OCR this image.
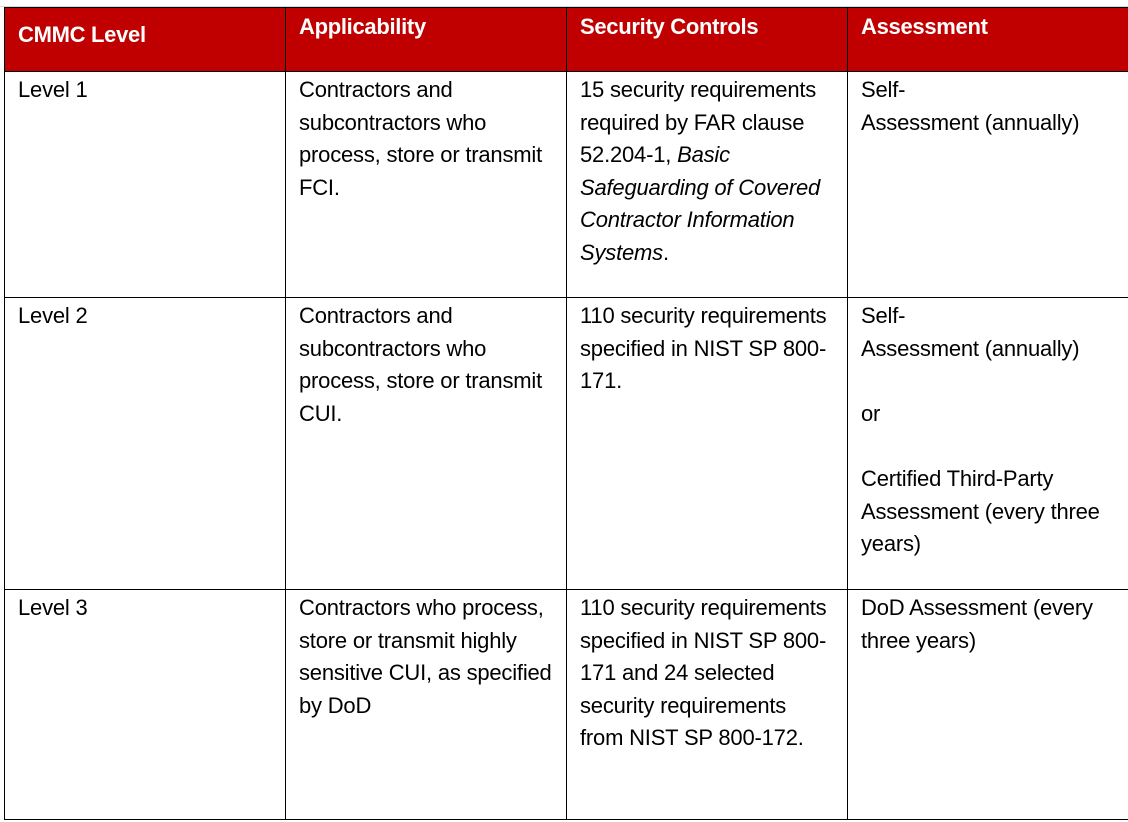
CMMC Level	Applicability	Security Controls	Assessment
Level 1	Contractors and subcontractors who process, store or transmit FCI.	15 security requirements required by FAR clause 52.204-1, Basic Safeguarding of Covered Contractor Information Systems.	Self-
Assessment (annually)
Level 2	Contractors and subcontractors who process, store or transmit CUI.	110 security requirements specified in NIST SP 800-171.	Self-
Assessment (annually)
or
Certified Third-Party Assessment (every three years)
Level 3	Contractors who process, store or transmit highly sensitive CUI, as specified by DoD	110 security requirements specified in NIST SP 800-171 and 24 selected security requirements from NIST SP 800-172.	DoD Assessment (every three years)
